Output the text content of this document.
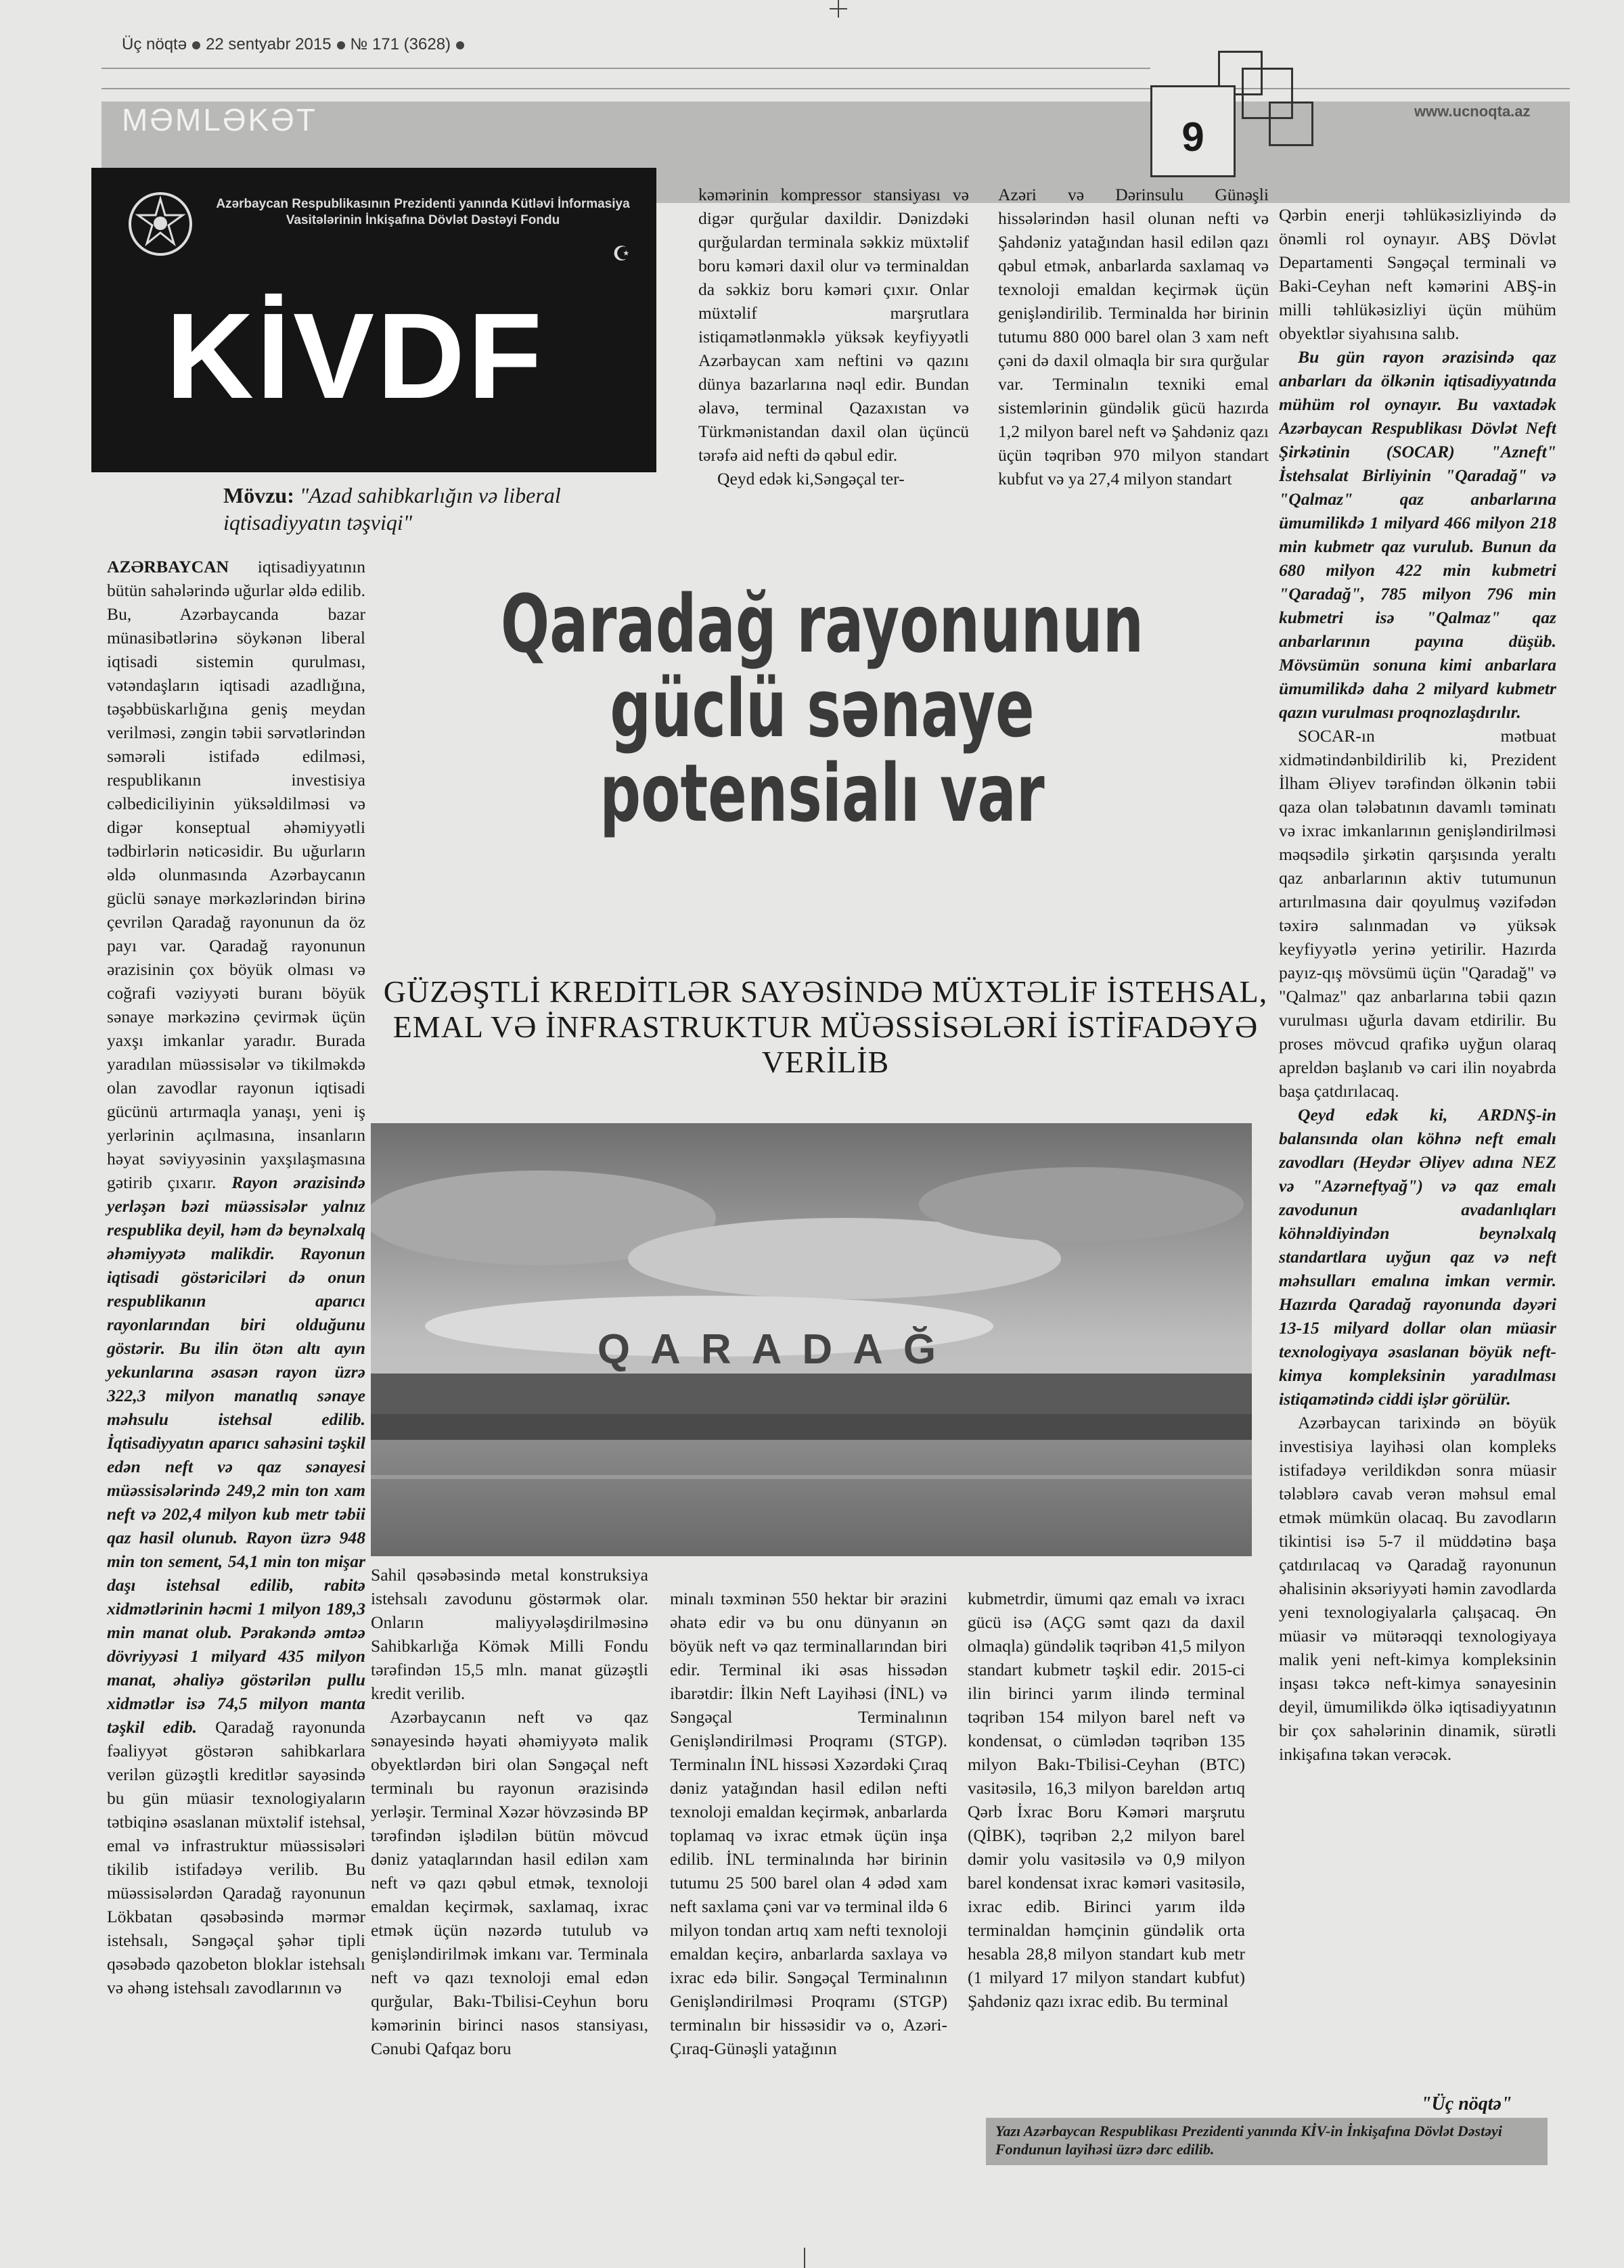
Üç nöqtə 22 sentyabr 2015 № 171 (3628)
MƏMLƏKƏT	9
www.ucnoqta.az
Azərbaycan Respublikasının Prezidenti yanında Kütləvi İnformasiya Vasitələrinin İnkişafına Dövlət Dəstəyi Fondu
☪
KİVDF
Mövzu: "Azad sahibkarlığın və liberal iqtisadiyyatın təşviqi"

AZƏRBAYCAN iqtisadiyyatının bütün sahələrində uğurlar əldə edilib. Bu, Azərbaycanda bazar münasibətlərinə söykənən liberal iqtisadi sistemin qurulması, vətəndaşların iqtisadi azadlığına, təşəbbüskarlığına geniş meydan verilməsi, zəngin təbii sərvətlərindən səmərəli istifadə edilməsi, respublikanın investisiya cəlbediciliyinin yüksəldilməsi və digər konseptual əhəmiyyətli tədbirlərin nəticəsidir. Bu uğurların əldə olunmasında Azərbaycanın güclü sənaye mərkəzlərindən birinə çevrilən Qaradağ rayonunun da öz payı var. Qaradağ rayonunun ərazisinin çox böyük olması və coğrafi vəziyyəti buranı böyük sənaye mərkəzinə çevirmək üçün yaxşı imkanlar yaradır. Burada yaradılan müəssisələr və tikilməkdə olan zavodlar rayonun iqtisadi gücünü artırmaqla yanaşı, yeni iş yerlərinin açılmasına, insanların həyat səviyyəsinin yaxşılaşmasına gətirib çıxarır. Rayon ərazisində yerləşən bəzi müəssisələr yalnız respublika deyil, həm də beynəlxalq əhəmiyyətə malikdir. Rayonun iqtisadi göstəriciləri də onun respublikanın aparıcı rayonlarından biri olduğunu göstərir. Bu ilin ötən altı ayın yekunlarına əsasən rayon üzrə 322,3 milyon manatlıq sənaye məhsulu istehsal edilib. İqtisadiyyatın aparıcı sahəsini təşkil edən neft və qaz sənayesi müəssisələrində 249,2 min ton xam neft və 202,4 milyon kub metr təbii qaz hasil olunub. Rayon üzrə 948 min ton sement, 54,1 min ton mişar daşı istehsal edilib, rabitə xidmətlərinin həcmi 1 milyon 189,3 min manat olub. Pərakəndə əmtəə dövriyyəsi 1 milyard 435 milyon manat, əhaliyə göstərilən pullu xidmətlər isə 74,5 milyon manta təşkil edib. Qaradağ rayonunda fəaliyyət göstərən sahibkarlara verilən güzəştli kreditlər sayəsində bu gün müasir texnologiyaların tətbiqinə əsaslanan müxtəlif istehsal, emal və infrastruktur müəssisələri tikilib istifadəyə verilib. Bu müəssisələrdən Qaradağ rayonunun Lökbatan qəsəbəsində mərmər istehsalı, Səngəçal şəhər tipli qəsəbədə qazobeton bloklar istehsalı və əhəng istehsalı zavodlarının və

kəmərinin kompressor stansiyası və digər qurğular daxildir. Dənizdəki qurğulardan terminala səkkiz müxtəlif boru kəməri daxil olur və terminaldan da səkkiz boru kəməri çıxır. Onlar müxtəlif marşrutlara istiqamətlənməklə yüksək keyfiyyətli Azərbaycan xam neftini və qazını dünya bazarlarına nəql edir. Bundan əlavə, terminal Qazaxıstan və Türkmənistandan daxil olan üçüncü tərəfə aid nefti də qəbul edir.

Qeyd edək ki,Səngəçal ter-

Azəri və Dərinsulu Günəşli hissələrindən hasil olunan nefti və Şahdəniz yatağından hasil edilən qazı qəbul etmək, anbarlarda saxlamaq və texnoloji emaldan keçirmək üçün genişləndirilib. Terminalda hər birinin tutumu 880 000 barel olan 3 xam neft çəni də daxil olmaqla bir sıra qurğular var. Terminalın texniki emal sistemlərinin gündəlik gücü hazırda 1,2 milyon barel neft və Şahdəniz qazı üçün təqribən 970 milyon standart kubfut və ya 27,4 milyon standart

Qərbin enerji təhlükəsizliyində də önəmli rol oynayır. ABŞ Dövlət Departamenti Səngəçal terminali və Baki-Ceyhan neft kəmərini ABŞ-in milli təhlükəsizliyi üçün mühüm obyektlər siyahısına salıb.

Bu gün rayon ərazisində qaz anbarları da ölkənin iqtisadiyyatında mühüm rol oynayır. Bu vaxtadək Azərbaycan Respublikası Dövlət Neft Şirkətinin (SOCAR) "Azneft" İstehsalat Birliyinin "Qaradağ" və "Qalmaz" qaz anbarlarına ümumilikdə 1 milyard 466 milyon 218 min kubmetr qaz vurulub. Bunun da 680 milyon 422 min kubmetri "Qaradağ", 785 milyon 796 min kubmetri isə "Qalmaz" qaz anbarlarının payına düşüb. Mövsümün sonuna kimi anbarlara ümumilikdə daha 2 milyard kubmetr qazın vurulması proqnozlaşdırılır.

SOCAR-ın mətbuat xidmətindənbildirilib ki, Prezident İlham Əliyev tərəfindən ölkənin təbii qaza olan tələbatının davamlı təminatı və ixrac imkanlarının genişləndirilməsi məqsədilə şirkətin qarşısında yeraltı qaz anbarlarının aktiv tutumunun artırılmasına dair qoyulmuş vəzifədən təxirə salınmadan və yüksək keyfiyyətlə yerinə yetirilir. Hazırda payız-qış mövsümü üçün "Qaradağ" və "Qalmaz" qaz anbarlarına təbii qazın vurulması uğurla davam etdirilir. Bu proses mövcud qrafikə uyğun olaraq apreldən başlanıb və cari ilin noyabrda başa çatdırılacaq.

Qeyd edək ki, ARDNŞ-in balansında olan köhnə neft emalı zavodları (Heydər Əliyev adına NEZ və "Azərneftyağ") və qaz emalı zavodunun avadanlıqları köhnəldiyindən beynəlxalq standartlara uyğun qaz və neft məhsulları emalına imkan vermir. Hazırda Qaradağ rayonunda dəyəri 13-15 milyard dollar olan müasir texnologiyaya əsaslanan böyük neft-kimya kompleksinin yaradılması istiqamətində ciddi işlər görülür.

Azərbaycan tarixində ən böyük investisiya layihəsi olan kompleks istifadəyə verildikdən sonra müasir tələblərə cavab verən məhsul emal etmək mümkün olacaq. Bu zavodların tikintisi isə 5-7 il müddətinə başa çatdırılacaq və Qaradağ rayonunun əhalisinin əksəriyyəti həmin zavodlarda yeni texnologiyalarla çalışacaq. Ən müasir və mütərəqqi texnologiyaya malik yeni neft-kimya kompleksinin inşası təkcə neft-kimya sənayesinin deyil, ümumilikdə ölkə iqtisadiyyatının bir çox sahələrinin dinamik, sürətli inkişafına təkan verəcək.

"Üç nöqtə"
Qaradağ rayonunun güclü sənaye potensialı var
GÜZƏŞTLİ KREDİTLƏR SAYƏSİNDƏ MÜXTƏLİF İSTEHSAL, EMAL VƏ İNFRASTRUKTUR MÜƏSSİSƏLƏRİ İSTİFADƏYƏ VERİLİB
QARADAĞ

Sahil qəsəbəsində metal konstruksiya istehsalı zavodunu göstərmək olar. Onların maliyyələşdirilməsinə Sahibkarlığa Kömək Milli Fondu tərəfindən 15,5 mln. manat güzəştli kredit verilib.

Azərbaycanın neft və qaz sənayesində həyati əhəmiyyətə malik obyektlərdən biri olan Səngəçal neft terminalı bu rayonun ərazisində yerləşir. Terminal Xəzər hövzəsində BP tərəfindən işlədilən bütün mövcud dəniz yataqlarından hasil edilən xam neft və qazı qəbul etmək, texnoloji emaldan keçirmək, saxlamaq, ixrac etmək üçün nəzərdə tutulub və genişləndirilmək imkanı var. Terminala neft və qazı texnoloji emal edən qurğular, Bakı-Tbilisi-Ceyhun boru kəmərinin birinci nasos stansiyası, Cənubi Qafqaz boru

minalı təxminən 550 hektar bir ərazini əhatə edir və bu onu dünyanın ən böyük neft və qaz terminallarından biri edir. Terminal iki əsas hissədən ibarətdir: İlkin Neft Layihəsi (İNL) və Səngəçal Terminalının Genişləndirilməsi Proqramı (STGP). Terminalın İNL hissəsi Xəzərdəki Çıraq dəniz yatağından hasil edilən nefti texnoloji emaldan keçirmək, anbarlarda toplamaq və ixrac etmək üçün inşa edilib. İNL terminalında hər birinin tutumu 25 500 barel olan 4 ədəd xam neft saxlama çəni var və terminal ildə 6 milyon tondan artıq xam nefti texnoloji emaldan keçirə, anbarlarda saxlaya və ixrac edə bilir. Səngəçal Terminalının Genişləndirilməsi Proqramı (STGP) terminalın bir hissəsidir və o, Azəri-Çıraq-Günəşli yatağının

kubmetrdir, ümumi qaz emalı və ixracı gücü isə (AÇG səmt qazı da daxil olmaqla) gündəlik təqribən 41,5 milyon standart kubmetr təşkil edir. 2015-ci ilin birinci yarım ilində terminal təqribən 154 milyon barel neft və kondensat, o cümlədən təqribən 135 milyon Bakı-Tbilisi-Ceyhan (BTC) vasitəsilə, 16,3 milyon bareldən artıq Qərb İxrac Boru Kəməri marşrutu (QİBK), təqribən 2,2 milyon barel dəmir yolu vasitəsilə və 0,9 milyon barel kondensat ixrac kəməri vasitəsilə, ixrac edib. Birinci yarım ildə terminaldan həmçinin gündəlik orta hesabla 28,8 milyon standart kub metr (1 milyard 17 milyon standart kubfut) Şahdəniz qazı ixrac edib. Bu terminal

Yazı Azərbaycan Respublikası Prezidenti yanında KİV-in İnkişafına Dövlət Dəstəyi Fondunun layihəsi üzrə dərc edilib.
